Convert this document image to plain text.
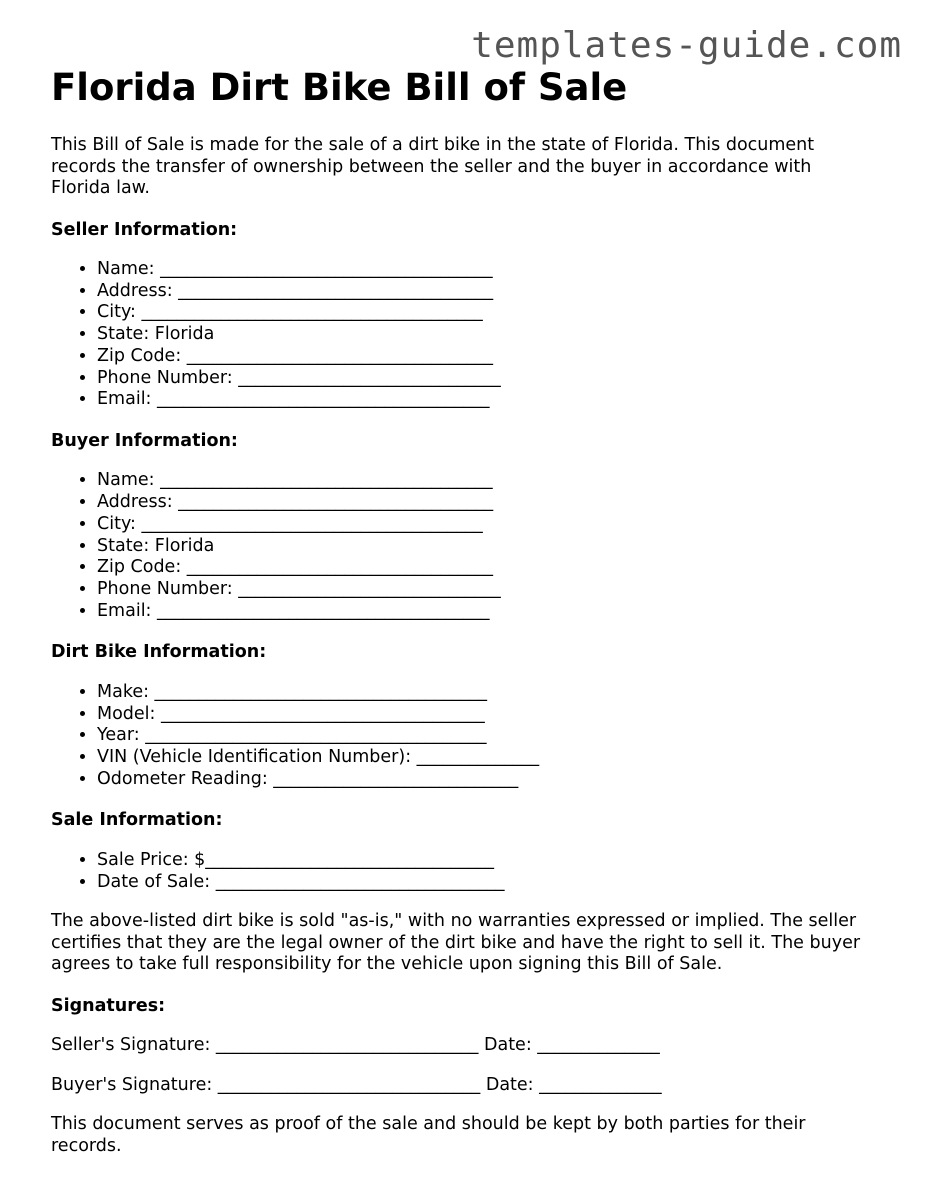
templates-guide.com
Florida Dirt Bike Bill of Sale

This Bill of Sale is made for the sale of a dirt bike in the state of Florida. This document records the transfer of ownership between the seller and the buyer in accordance with Florida law.

Seller Information:
• Name: ______________________________________
• Address: ____________________________________
• City: _______________________________________
• State: Florida
• Zip Code: ___________________________________
• Phone Number: ______________________________
• Email: ______________________________________
Buyer Information:
• Name: ______________________________________
• Address: ____________________________________
• City: _______________________________________
• State: Florida
• Zip Code: ___________________________________
• Phone Number: ______________________________
• Email: ______________________________________
Dirt Bike Information:
• Make: ______________________________________
• Model: _____________________________________
• Year: _______________________________________
• VIN (Vehicle Identification Number): ______________
• Odometer Reading: ____________________________
Sale Information:
• Sale Price: $_________________________________
• Date of Sale: _________________________________

The above-listed dirt bike is sold "as-is," with no warranties expressed or implied. The seller certifies that they are the legal owner of the dirt bike and have the right to sell it. The buyer agrees to take full responsibility for the vehicle upon signing this Bill of Sale.

Signatures:

Seller's Signature: ______________________________ Date: ______________

Buyer's Signature: ______________________________ Date: ______________

This document serves as proof of the sale and should be kept by both parties for their records.
